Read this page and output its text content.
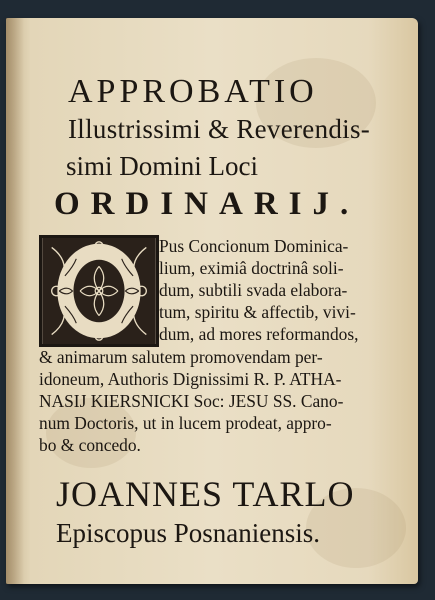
APPROBATIO
Illustrissimi & Reverendis-
simi Domini Loci
ORDINARIJ.
Pus Concionum Dominica-
lium, eximiâ doctrinâ soli-
dum, subtili svada elabora-
tum, spiritu & affectib, vivi-
dum, ad mores reformandos,
& animarum salutem promovendam per-
idoneum, Authoris Dignissimi R. P. ATHA-
NASIJ KIERSNICKI Soc: JESU SS. Cano-
num Doctoris, ut in lucem prodeat, appro-
bo & concedo.
JOANNES TARLO
Episcopus Posnaniensis.
